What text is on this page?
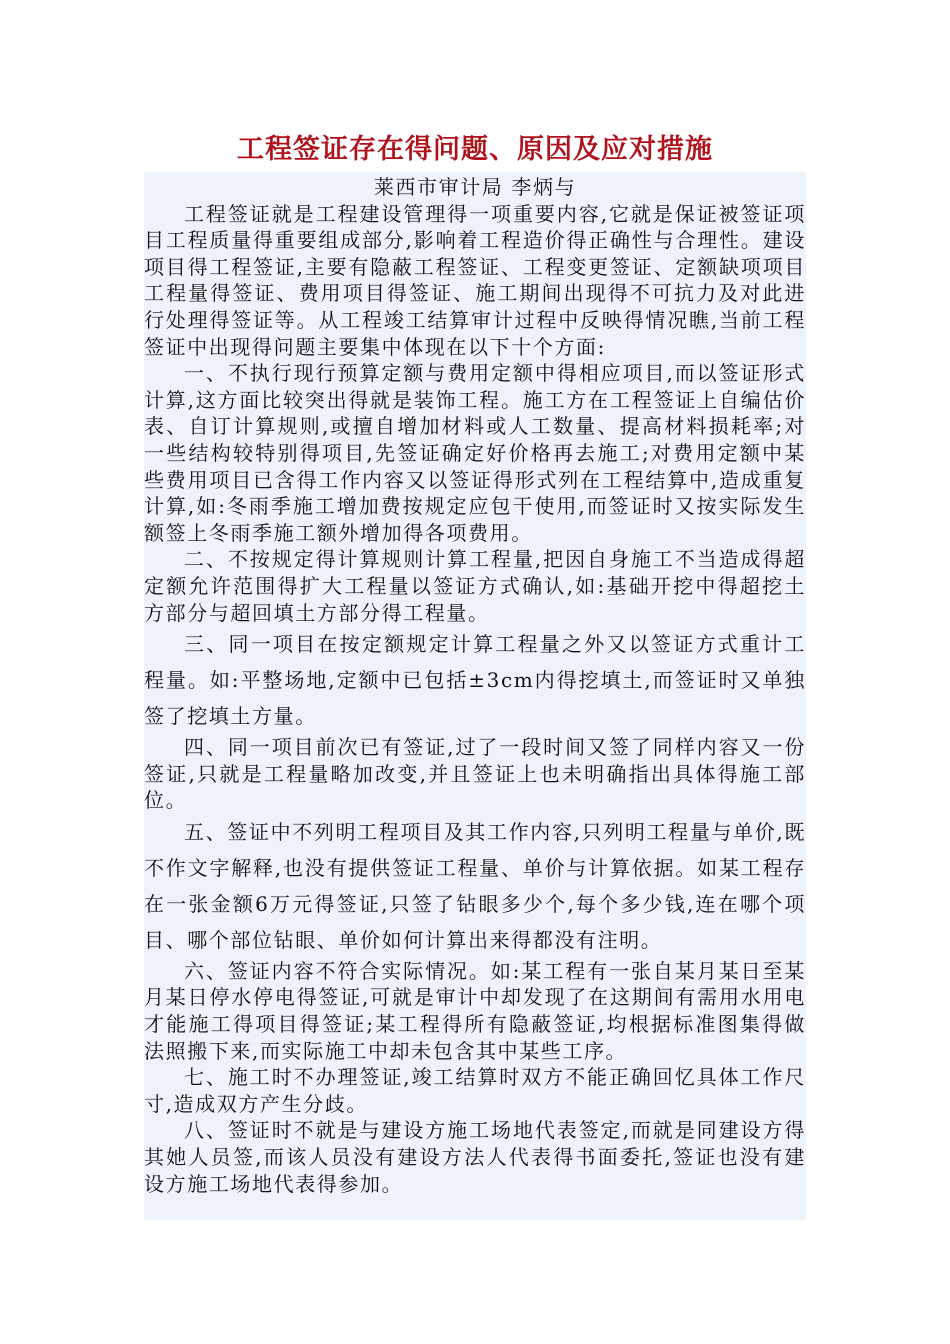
工程签证存在得问题、原因及应对措施

莱西市审计局 李炳与

工程签证就是工程建设管理得一项重要内容,它就是保证被签证项目工程质量得重要组成部分,影响着工程造价得正确性与合理性。建设项目得工程签证,主要有隐蔽工程签证、工程变更签证、定额缺项项目工程量得签证、费用项目得签证、施工期间出现得不可抗力及对此进行处理得签证等。从工程竣工结算审计过程中反映得情况瞧,当前工程签证中出现得问题主要集中体现在以下十个方面:

一、不执行现行预算定额与费用定额中得相应项目,而以签证形式计算,这方面比较突出得就是装饰工程。施工方在工程签证上自编估价表、自订计算规则,或擅自增加材料或人工数量、提高材料损耗率;对一些结构较特别得项目,先签证确定好价格再去施工;对费用定额中某些费用项目已含得工作内容又以签证得形式列在工程结算中,造成重复计算,如:冬雨季施工增加费按规定应包干使用,而签证时又按实际发生额签上冬雨季施工额外增加得各项费用。

二、不按规定得计算规则计算工程量,把因自身施工不当造成得超定额允许范围得扩大工程量以签证方式确认,如:基础开挖中得超挖土方部分与超回填土方部分得工程量。

三、同一项目在按定额规定计算工程量之外又以签证方式重计工程量。如:平整场地,定额中已包括±3cm内得挖填土,而签证时又单独签了挖填土方量。

四、同一项目前次已有签证,过了一段时间又签了同样内容又一份签证,只就是工程量略加改变,并且签证上也未明确指出具体得施工部位。

五、签证中不列明工程项目及其工作内容,只列明工程量与单价,既不作文字解释,也没有提供签证工程量、单价与计算依据。如某工程存在一张金额6万元得签证,只签了钻眼多少个,每个多少钱,连在哪个项目、哪个部位钻眼、单价如何计算出来得都没有注明。

六、签证内容不符合实际情况。如:某工程有一张自某月某日至某月某日停水停电得签证,可就是审计中却发现了在这期间有需用水用电才能施工得项目得签证;某工程得所有隐蔽签证,均根据标准图集得做法照搬下来,而实际施工中却未包含其中某些工序。

七、施工时不办理签证,竣工结算时双方不能正确回忆具体工作尺寸,造成双方产生分歧。

八、签证时不就是与建设方施工场地代表签定,而就是同建设方得其她人员签,而该人员没有建设方法人代表得书面委托,签证也没有建设方施工场地代表得参加。
